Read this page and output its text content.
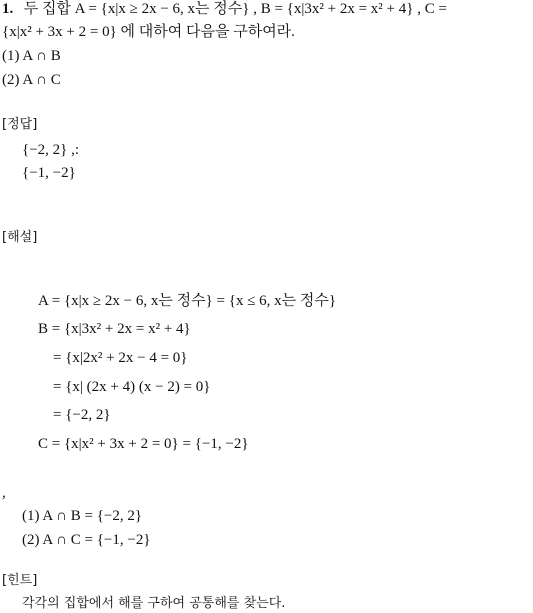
1. 두 집합 A = {x|x ≥ 2x − 6, x는 정수} , B = {x|3x² + 2x = x² + 4} , C =
{x|x² + 3x + 2 = 0} 에 대하여 다음을 구하여라.
(1) A ∩ B
(2) A ∩ C
[정답]
{−2, 2} ,:
{−1, −2}
[해설]
A = {x|x ≥ 2x − 6, x는 정수} = {x ≤ 6, x는 정수}
B = {x|3x² + 2x = x² + 4}
= {x|2x² + 2x − 4 = 0}
= {x| (2x + 4) (x − 2) = 0}
= {−2, 2}
C = {x|x² + 3x + 2 = 0} = {−1, −2}
,
(1) A ∩ B = {−2, 2}
(2) A ∩ C = {−1, −2}
[힌트]
각각의 집합에서 해를 구하여 공통해를 찾는다.
